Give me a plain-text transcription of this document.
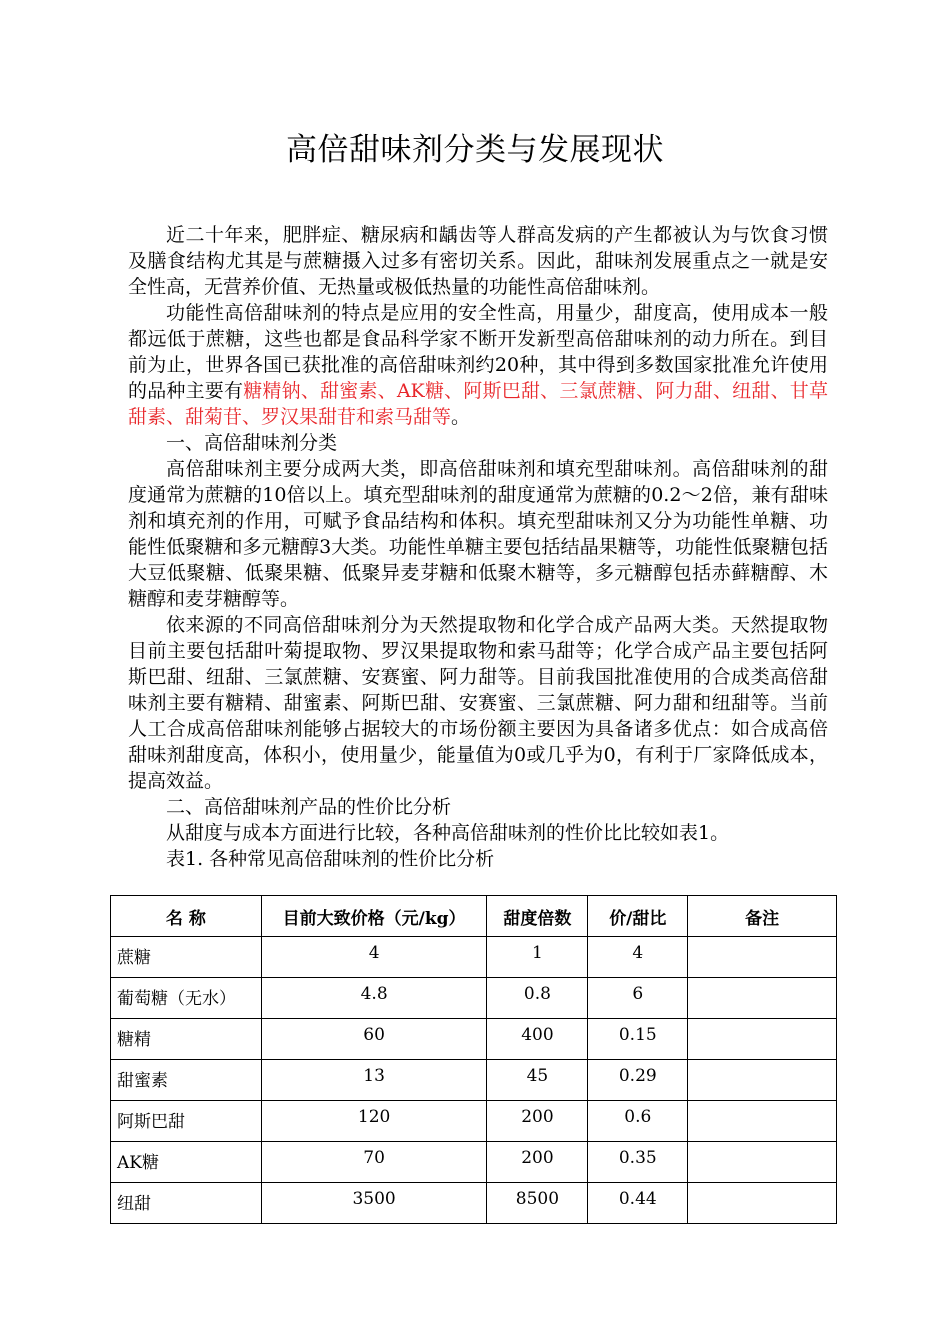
高倍甜味剂分类与发展现状

近二十年来，肥胖症、糖尿病和龋齿等人群高发病的产生都被认为与饮食习惯及膳食结构尤其是与蔗糖摄入过多有密切关系。因此，甜味剂发展重点之一就是安全性高，无营养价值、无热量或极低热量的功能性高倍甜味剂。

功能性高倍甜味剂的特点是应用的安全性高，用量少，甜度高，使用成本一般都远低于蔗糖，这些也都是食品科学家不断开发新型高倍甜味剂的动力所在。到目前为止，世界各国已获批准的高倍甜味剂约20种，其中得到多数国家批准允许使用的品种主要有糖精钠、甜蜜素、AK糖、阿斯巴甜、三氯蔗糖、阿力甜、纽甜、甘草甜素、甜菊苷、罗汉果甜苷和索马甜等。

一、高倍甜味剂分类

高倍甜味剂主要分成两大类，即高倍甜味剂和填充型甜味剂。高倍甜味剂的甜度通常为蔗糖的10倍以上。填充型甜味剂的甜度通常为蔗糖的0.2～2倍，兼有甜味剂和填充剂的作用，可赋予食品结构和体积。填充型甜味剂又分为功能性单糖、功能性低聚糖和多元糖醇3大类。功能性单糖主要包括结晶果糖等，功能性低聚糖包括大豆低聚糖、低聚果糖、低聚异麦芽糖和低聚木糖等，多元糖醇包括赤藓糖醇、木糖醇和麦芽糖醇等。

依来源的不同高倍甜味剂分为天然提取物和化学合成产品两大类。天然提取物目前主要包括甜叶菊提取物、罗汉果提取物和索马甜等；化学合成产品主要包括阿斯巴甜、纽甜、三氯蔗糖、安赛蜜、阿力甜等。目前我国批准使用的合成类高倍甜味剂主要有糖精、甜蜜素、阿斯巴甜、安赛蜜、三氯蔗糖、阿力甜和纽甜等。当前人工合成高倍甜味剂能够占据较大的市场份额主要因为具备诸多优点：如合成高倍甜味剂甜度高，体积小，使用量少，能量值为0或几乎为0，有利于厂家降低成本，提高效益。

二、高倍甜味剂产品的性价比分析

从甜度与成本方面进行比较，各种高倍甜味剂的性价比比较如表1。

表1. 各种常见高倍甜味剂的性价比分析

名 称	目前大致价格（元/kg）	甜度倍数	价/甜比	备注
蔗糖	4	1	4	
葡萄糖（无水）	4.8	0.8	6	
糖精	60	400	0.15	
甜蜜素	13	45	0.29	
阿斯巴甜	120	200	0.6	
AK糖	70	200	0.35	
纽甜	3500	8500	0.44	
